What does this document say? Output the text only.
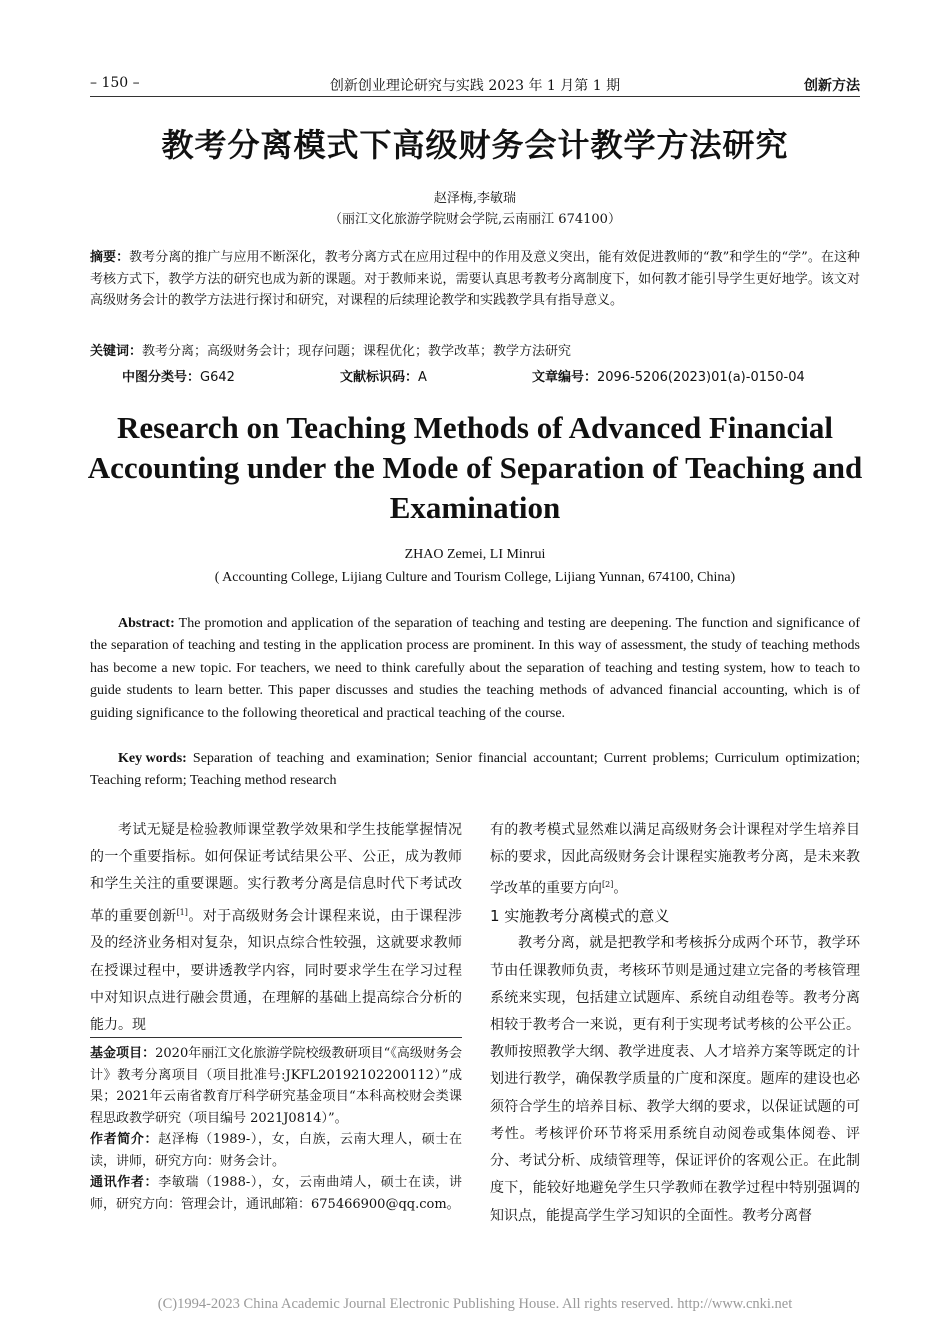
– 150 –	创新创业理论研究与实践 2023 年 1 月第 1 期	创新方法
教考分离模式下高级财务会计教学方法研究
赵泽梅,李敏瑞
（丽江文化旅游学院财会学院,云南丽江 674100）
摘要：教考分离的推广与应用不断深化，教考分离方式在应用过程中的作用及意义突出，能有效促进教师的“教”和学生的“学”。在这种考核方式下，教学方法的研究也成为新的课题。对于教师来说，需要认真思考教考分离制度下，如何教才能引导学生更好地学。该文对高级财务会计的教学方法进行探讨和研究，对课程的后续理论教学和实践教学具有指导意义。
关键词：教考分离；高级财务会计；现存问题；课程优化；教学改革；教学方法研究
中图分类号：G642	文献标识码：A	文章编号：2096-5206(2023)01(a)-0150-04
Research on Teaching Methods of Advanced Financial Accounting under the Mode of Separation of Teaching and Examination
ZHAO Zemei, LI Minrui
( Accounting College, Lijiang Culture and Tourism College, Lijiang Yunnan, 674100, China)
Abstract: The promotion and application of the separation of teaching and testing are deepening. The function and significance of the separation of teaching and testing in the application process are prominent. In this way of assessment, the study of teaching methods has become a new topic. For teachers, we need to think carefully about the separation of teaching and testing system, how to teach to guide students to learn better. This paper discusses and studies the teaching methods of advanced financial accounting, which is of guiding significance to the following theoretical and practical teaching of the course.
Key words: Separation of teaching and examination; Senior financial accountant; Current problems; Curriculum optimization; Teaching reform; Teaching method research

考试无疑是检验教师课堂教学效果和学生技能掌握情况的一个重要指标。如何保证考试结果公平、公正，成为教师和学生关注的重要课题。实行教考分离是信息时代下考试改革的重要创新[1]。对于高级财务会计课程来说，由于课程涉及的经济业务相对复杂，知识点综合性较强，这就要求教师在授课过程中，要讲透教学内容，同时要求学生在学习过程中对知识点进行融会贯通，在理解的基础上提高综合分析的能力。现

基金项目：2020年丽江文化旅游学院校级教研项目“《高级财务会计》教考分离项目（项目批准号:JKFL20192102200112）”成果；2021年云南省教育厅科学研究基金项目“本科高校财会类课程思政教学研究（项目编号 2021J0814）”。

作者简介：赵泽梅（1989-），女，白族，云南大理人，硕士在读，讲师，研究方向：财务会计。

通讯作者：李敏瑞（1988-），女，云南曲靖人，硕士在读，讲师，研究方向：管理会计，通讯邮箱：675466900@qq.com。

有的教考模式显然难以满足高级财务会计课程对学生培养目标的要求，因此高级财务会计课程实施教考分离，是未来教学改革的重要方向[2]。

1 实施教考分离模式的意义

教考分离，就是把教学和考核拆分成两个环节，教学环节由任课教师负责，考核环节则是通过建立完备的考核管理系统来实现，包括建立试题库、系统自动组卷等。教考分离相较于教考合一来说，更有利于实现考试考核的公平公正。教师按照教学大纲、教学进度表、人才培养方案等既定的计划进行教学，确保教学质量的广度和深度。题库的建设也必须符合学生的培养目标、教学大纲的要求，以保证试题的可考性。考核评价环节将采用系统自动阅卷或集体阅卷、评分、考试分析、成绩管理等，保证评价的客观公正。在此制度下，能较好地避免学生只学教师在教学过程中特别强调的知识点，能提高学生学习知识的全面性。教考分离督

(C)1994-2023 China Academic Journal Electronic Publishing House. All rights reserved. http://www.cnki.net
